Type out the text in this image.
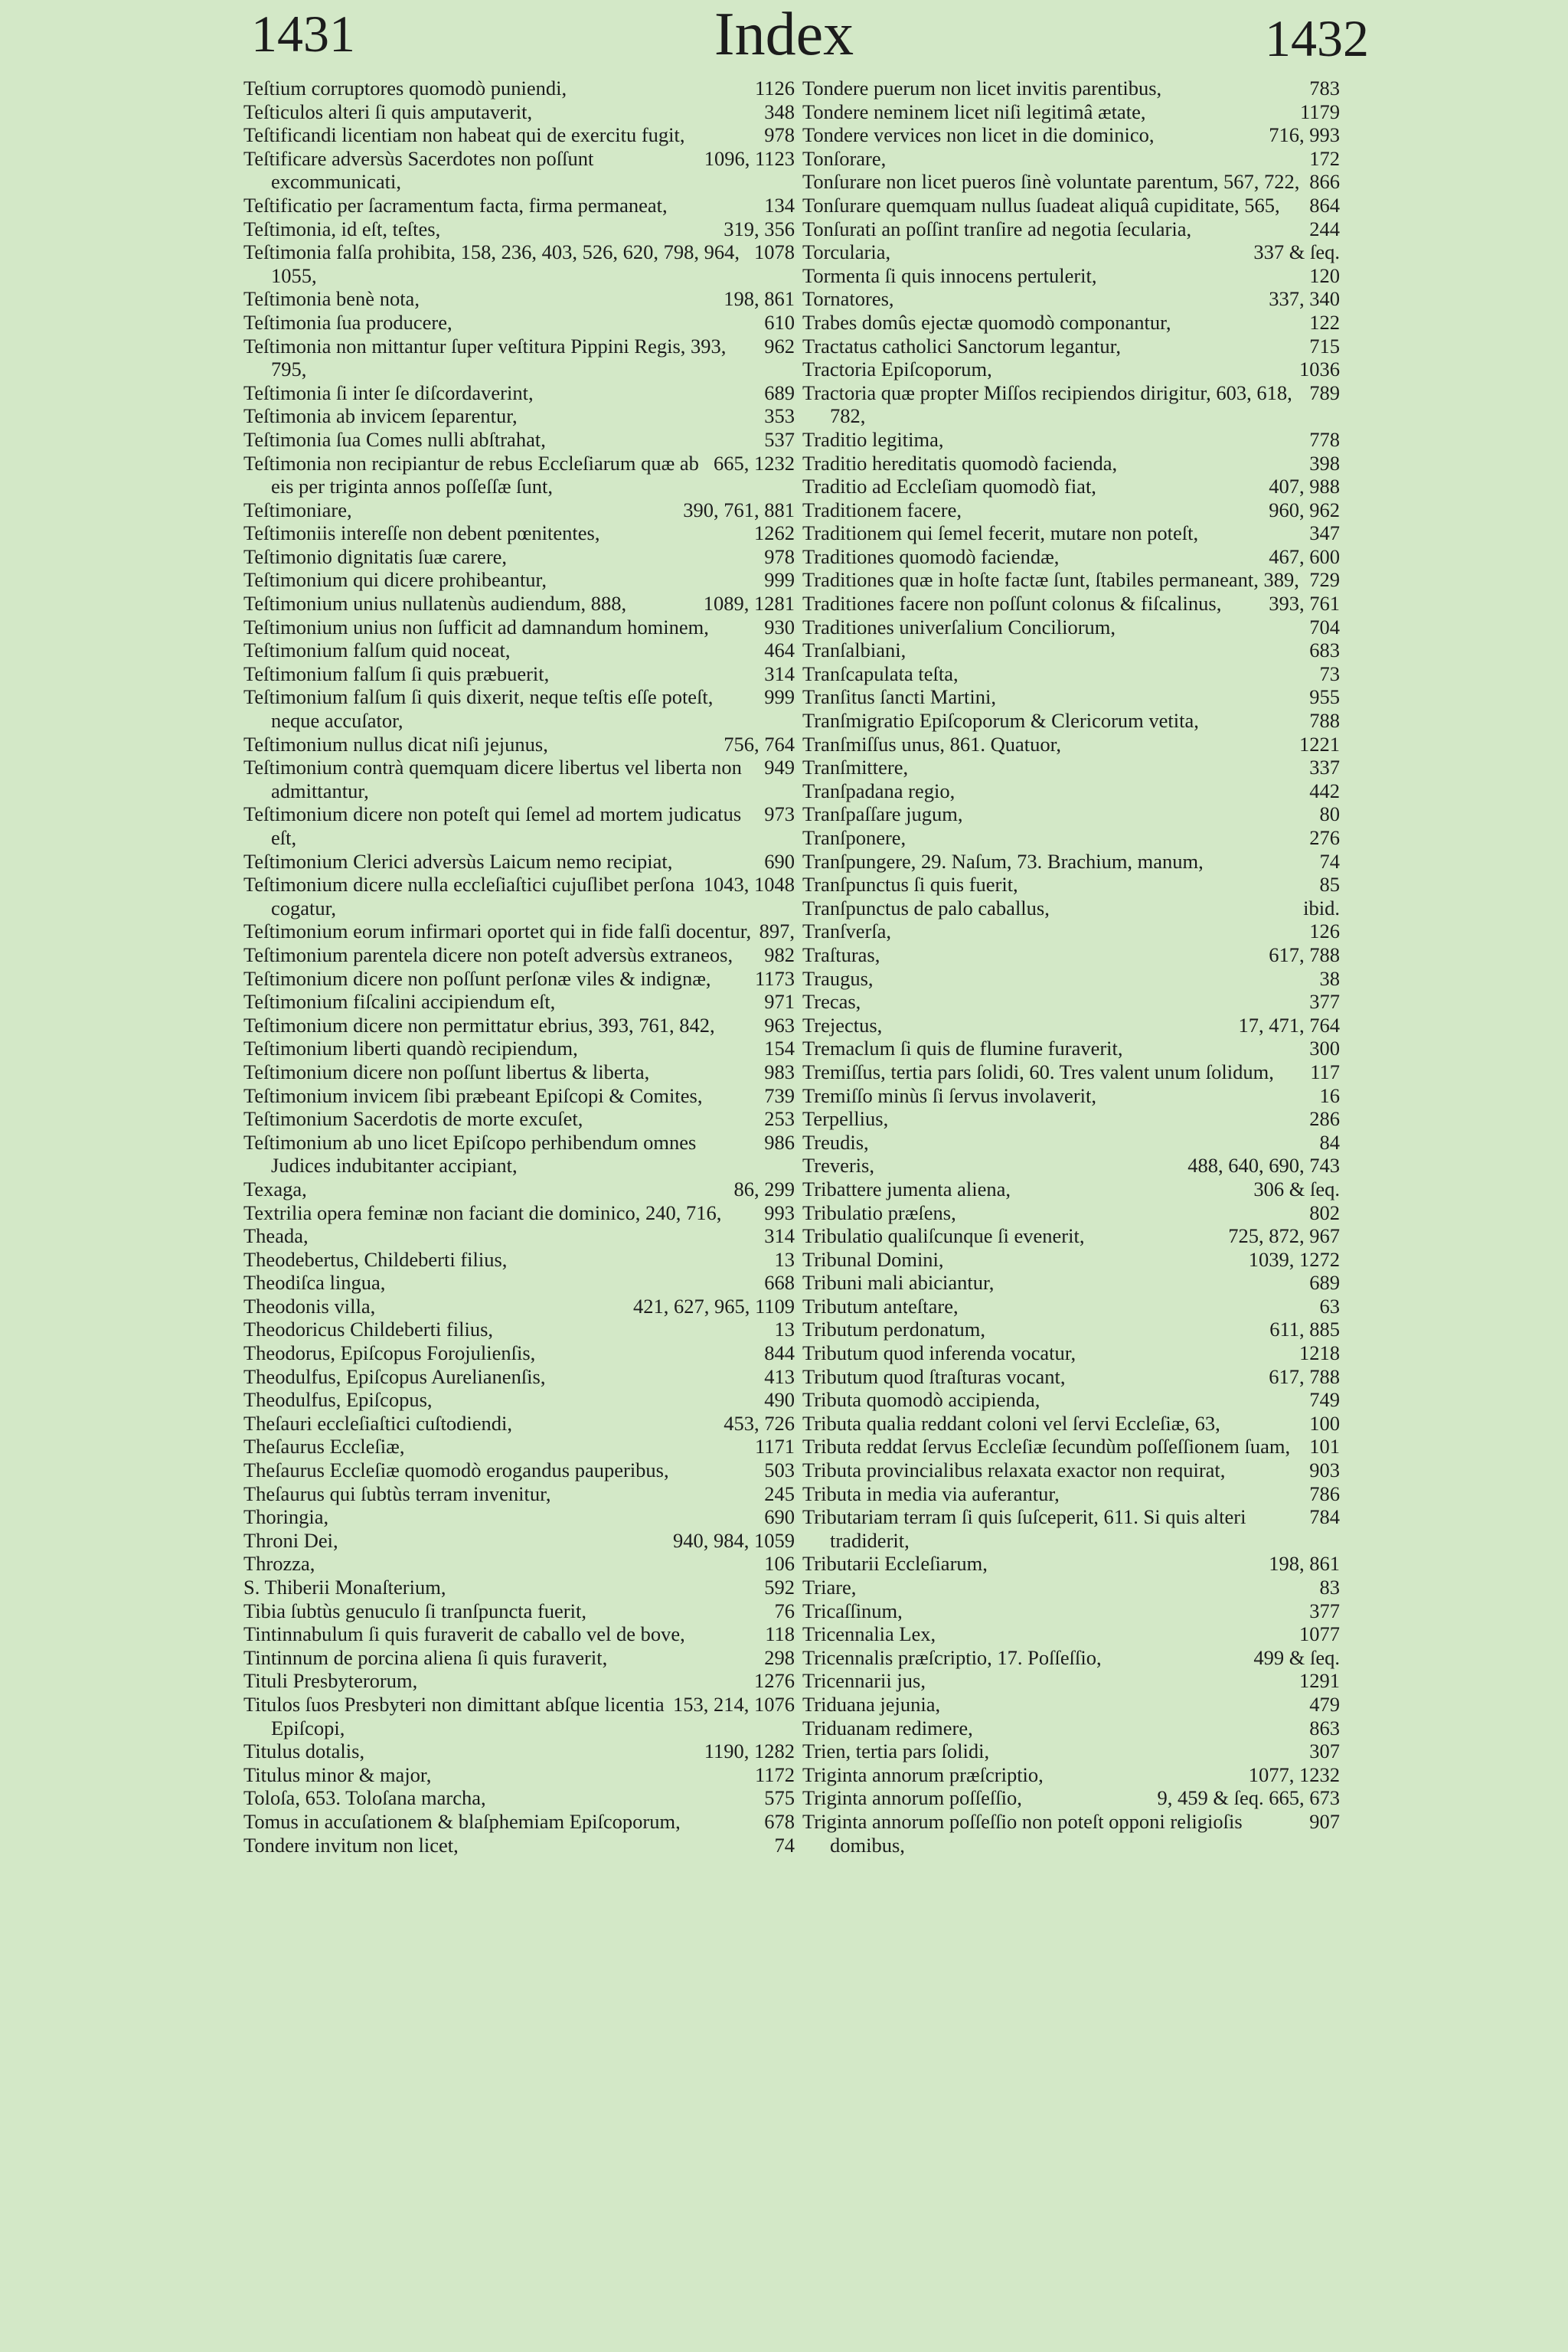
1431	Index	1432
1126
Teſtium corruptores quomodò puniendi,
348
Teſticulos alteri ſi quis amputaverit,
978
Teſtificandi licentiam non habeat qui de exercitu fugit,
1096, 1123
Teſtificare adversùs Sacerdotes non poſſunt excommunicati,
134
Teſtificatio per ſacramentum facta, firma permaneat,
319, 356
Teſtimonia, id eſt, teſtes,
1078
Teſtimonia falſa prohibita, 158, 236, 403, 526, 620, 798, 964, 1055,
198, 861
Teſtimonia benè nota,
610
Teſtimonia ſua producere,
962
Teſtimonia non mittantur ſuper veſtitura Pippini Regis, 393, 795,
689
Teſtimonia ſi inter ſe diſcordaverint,
353
Teſtimonia ab invicem ſeparentur,
537
Teſtimonia ſua Comes nulli abſtrahat,
665, 1232
Teſtimonia non recipiantur de rebus Eccleſiarum quæ ab eis per triginta annos poſſeſſæ ſunt,
390, 761, 881
Teſtimoniare,
1262
Teſtimoniis intereſſe non debent pœnitentes,
978
Teſtimonio dignitatis ſuæ carere,
999
Teſtimonium qui dicere prohibeantur,
1089, 1281
Teſtimonium unius nullatenùs audiendum, 888,
930
Teſtimonium unius non ſufficit ad damnandum hominem,
464
Teſtimonium falſum quid noceat,
314
Teſtimonium falſum ſi quis præbuerit,
999
Teſtimonium falſum ſi quis dixerit, neque teſtis eſſe poteſt, neque accuſator,
756, 764
Teſtimonium nullus dicat niſi jejunus,
949
Teſtimonium contrà quemquam dicere libertus vel liberta non admittantur,
973
Teſtimonium dicere non poteſt qui ſemel ad mortem judicatus eſt,
690
Teſtimonium Clerici adversùs Laicum nemo recipiat,
1043, 1048
Teſtimonium dicere nulla eccleſiaſtici cujuſlibet perſona cogatur,
897,
Teſtimonium eorum infirmari oportet qui in fide falſi docentur,
982
Teſtimonium parentela dicere non poteſt adversùs extraneos,
1173
Teſtimonium dicere non poſſunt perſonæ viles & indignæ,
971
Teſtimonium fiſcalini accipiendum eſt,
963
Teſtimonium dicere non permittatur ebrius, 393, 761, 842,
154
Teſtimonium liberti quandò recipiendum,
983
Teſtimonium dicere non poſſunt libertus & liberta,
739
Teſtimonium invicem ſibi præbeant Epiſcopi & Comites,
253
Teſtimonium Sacerdotis de morte excuſet,
986
Teſtimonium ab uno licet Epiſcopo perhibendum omnes Judices indubitanter accipiant,
86, 299
Texaga,
993
Textrilia opera feminæ non faciant die dominico, 240, 716,
314
Theada,
13
Theodebertus, Childeberti filius,
668
Theodiſca lingua,
421, 627, 965, 1109
Theodonis villa,
13
Theodoricus Childeberti filius,
844
Theodorus, Epiſcopus Forojulienſis,
413
Theodulfus, Epiſcopus Aurelianenſis,
490
Theodulfus, Epiſcopus,
453, 726
Theſauri eccleſiaſtici cuſtodiendi,
1171
Theſaurus Eccleſiæ,
503
Theſaurus Eccleſiæ quomodò erogandus pauperibus,
245
Theſaurus qui ſubtùs terram invenitur,
690
Thoringia,
940, 984, 1059
Throni Dei,
106
Throzza,
592
S. Thiberii Monaſterium,
76
Tibia ſubtùs genuculo ſi tranſpuncta fuerit,
118
Tintinnabulum ſi quis furaverit de caballo vel de bove,
298
Tintinnum de porcina aliena ſi quis furaverit,
1276
Tituli Presbyterorum,
153, 214, 1076
Titulos ſuos Presbyteri non dimittant abſque licentia Epiſcopi,
1190, 1282
Titulus dotalis,
1172
Titulus minor & major,
575
Toloſa, 653. Toloſana marcha,
678
Tomus in accuſationem & blaſphemiam Epiſcoporum,
74
Tondere invitum non licet,
783
Tondere puerum non licet invitis parentibus,
1179
Tondere neminem licet niſi legitimâ ætate,
716, 993
Tondere vervices non licet in die dominico,
172
Tonſorare,
866
Tonſurare non licet pueros ſinè voluntate parentum, 567, 722,
864
Tonſurare quemquam nullus ſuadeat aliquâ cupiditate, 565,
244
Tonſurati an poſſint tranſire ad negotia ſecularia,
337 & ſeq.
Torcularia,
120
Tormenta ſi quis innocens pertulerit,
337, 340
Tornatores,
122
Trabes domûs ejectæ quomodò componantur,
715
Tractatus catholici Sanctorum legantur,
1036
Tractoria Epiſcoporum,
789
Tractoria quæ propter Miſſos recipiendos dirigitur, 603, 618, 782,
778
Traditio legitima,
398
Traditio hereditatis quomodò facienda,
407, 988
Traditio ad Eccleſiam quomodò fiat,
960, 962
Traditionem facere,
347
Traditionem qui ſemel fecerit, mutare non poteſt,
467, 600
Traditiones quomodò faciendæ,
729
Traditiones quæ in hoſte factæ ſunt, ſtabiles permaneant, 389,
393, 761
Traditiones facere non poſſunt colonus & fiſcalinus,
704
Traditiones univerſalium Conciliorum,
683
Tranſalbiani,
73
Tranſcapulata teſta,
955
Tranſitus ſancti Martini,
788
Tranſmigratio Epiſcoporum & Clericorum vetita,
1221
Tranſmiſſus unus, 861. Quatuor,
337
Tranſmittere,
442
Tranſpadana regio,
80
Tranſpaſſare jugum,
276
Tranſponere,
74
Tranſpungere, 29. Naſum, 73. Brachium, manum,
85
Tranſpunctus ſi quis fuerit,
ibid.
Tranſpunctus de palo caballus,
126
Tranſverſa,
617, 788
Traſturas,
38
Traugus,
377
Trecas,
17, 471, 764
Trejectus,
300
Tremaclum ſi quis de flumine furaverit,
117
Tremiſſus, tertia pars ſolidi, 60. Tres valent unum ſolidum,
16
Tremiſſo minùs ſi ſervus involaverit,
286
Terpellius,
84
Treudis,
488, 640, 690, 743
Treveris,
306 & ſeq.
Tribattere jumenta aliena,
802
Tribulatio præſens,
725, 872, 967
Tribulatio qualiſcunque ſi evenerit,
1039, 1272
Tribunal Domini,
689
Tribuni mali abiciantur,
63
Tributum anteſtare,
611, 885
Tributum perdonatum,
1218
Tributum quod inferenda vocatur,
617, 788
Tributum quod ſtraſturas vocant,
749
Tributa quomodò accipienda,
100
Tributa qualia reddant coloni vel ſervi Eccleſiæ, 63,
101
Tributa reddat ſervus Eccleſiæ ſecundùm poſſeſſionem ſuam,
903
Tributa provincialibus relaxata exactor non requirat,
786
Tributa in media via auferantur,
784
Tributariam terram ſi quis ſuſceperit, 611. Si quis alteri tradiderit,
198, 861
Tributarii Eccleſiarum,
83
Triare,
377
Tricaſſinum,
1077
Tricennalia Lex,
499 & ſeq.
Tricennalis præſcriptio, 17. Poſſeſſio,
1291
Tricennarii jus,
479
Triduana jejunia,
863
Triduanam redimere,
307
Trien, tertia pars ſolidi,
1077, 1232
Triginta annorum præſcriptio,
9, 459 & ſeq. 665, 673
Triginta annorum poſſeſſio,
907
Triginta annorum poſſeſſio non poteſt opponi religioſis domibus,
